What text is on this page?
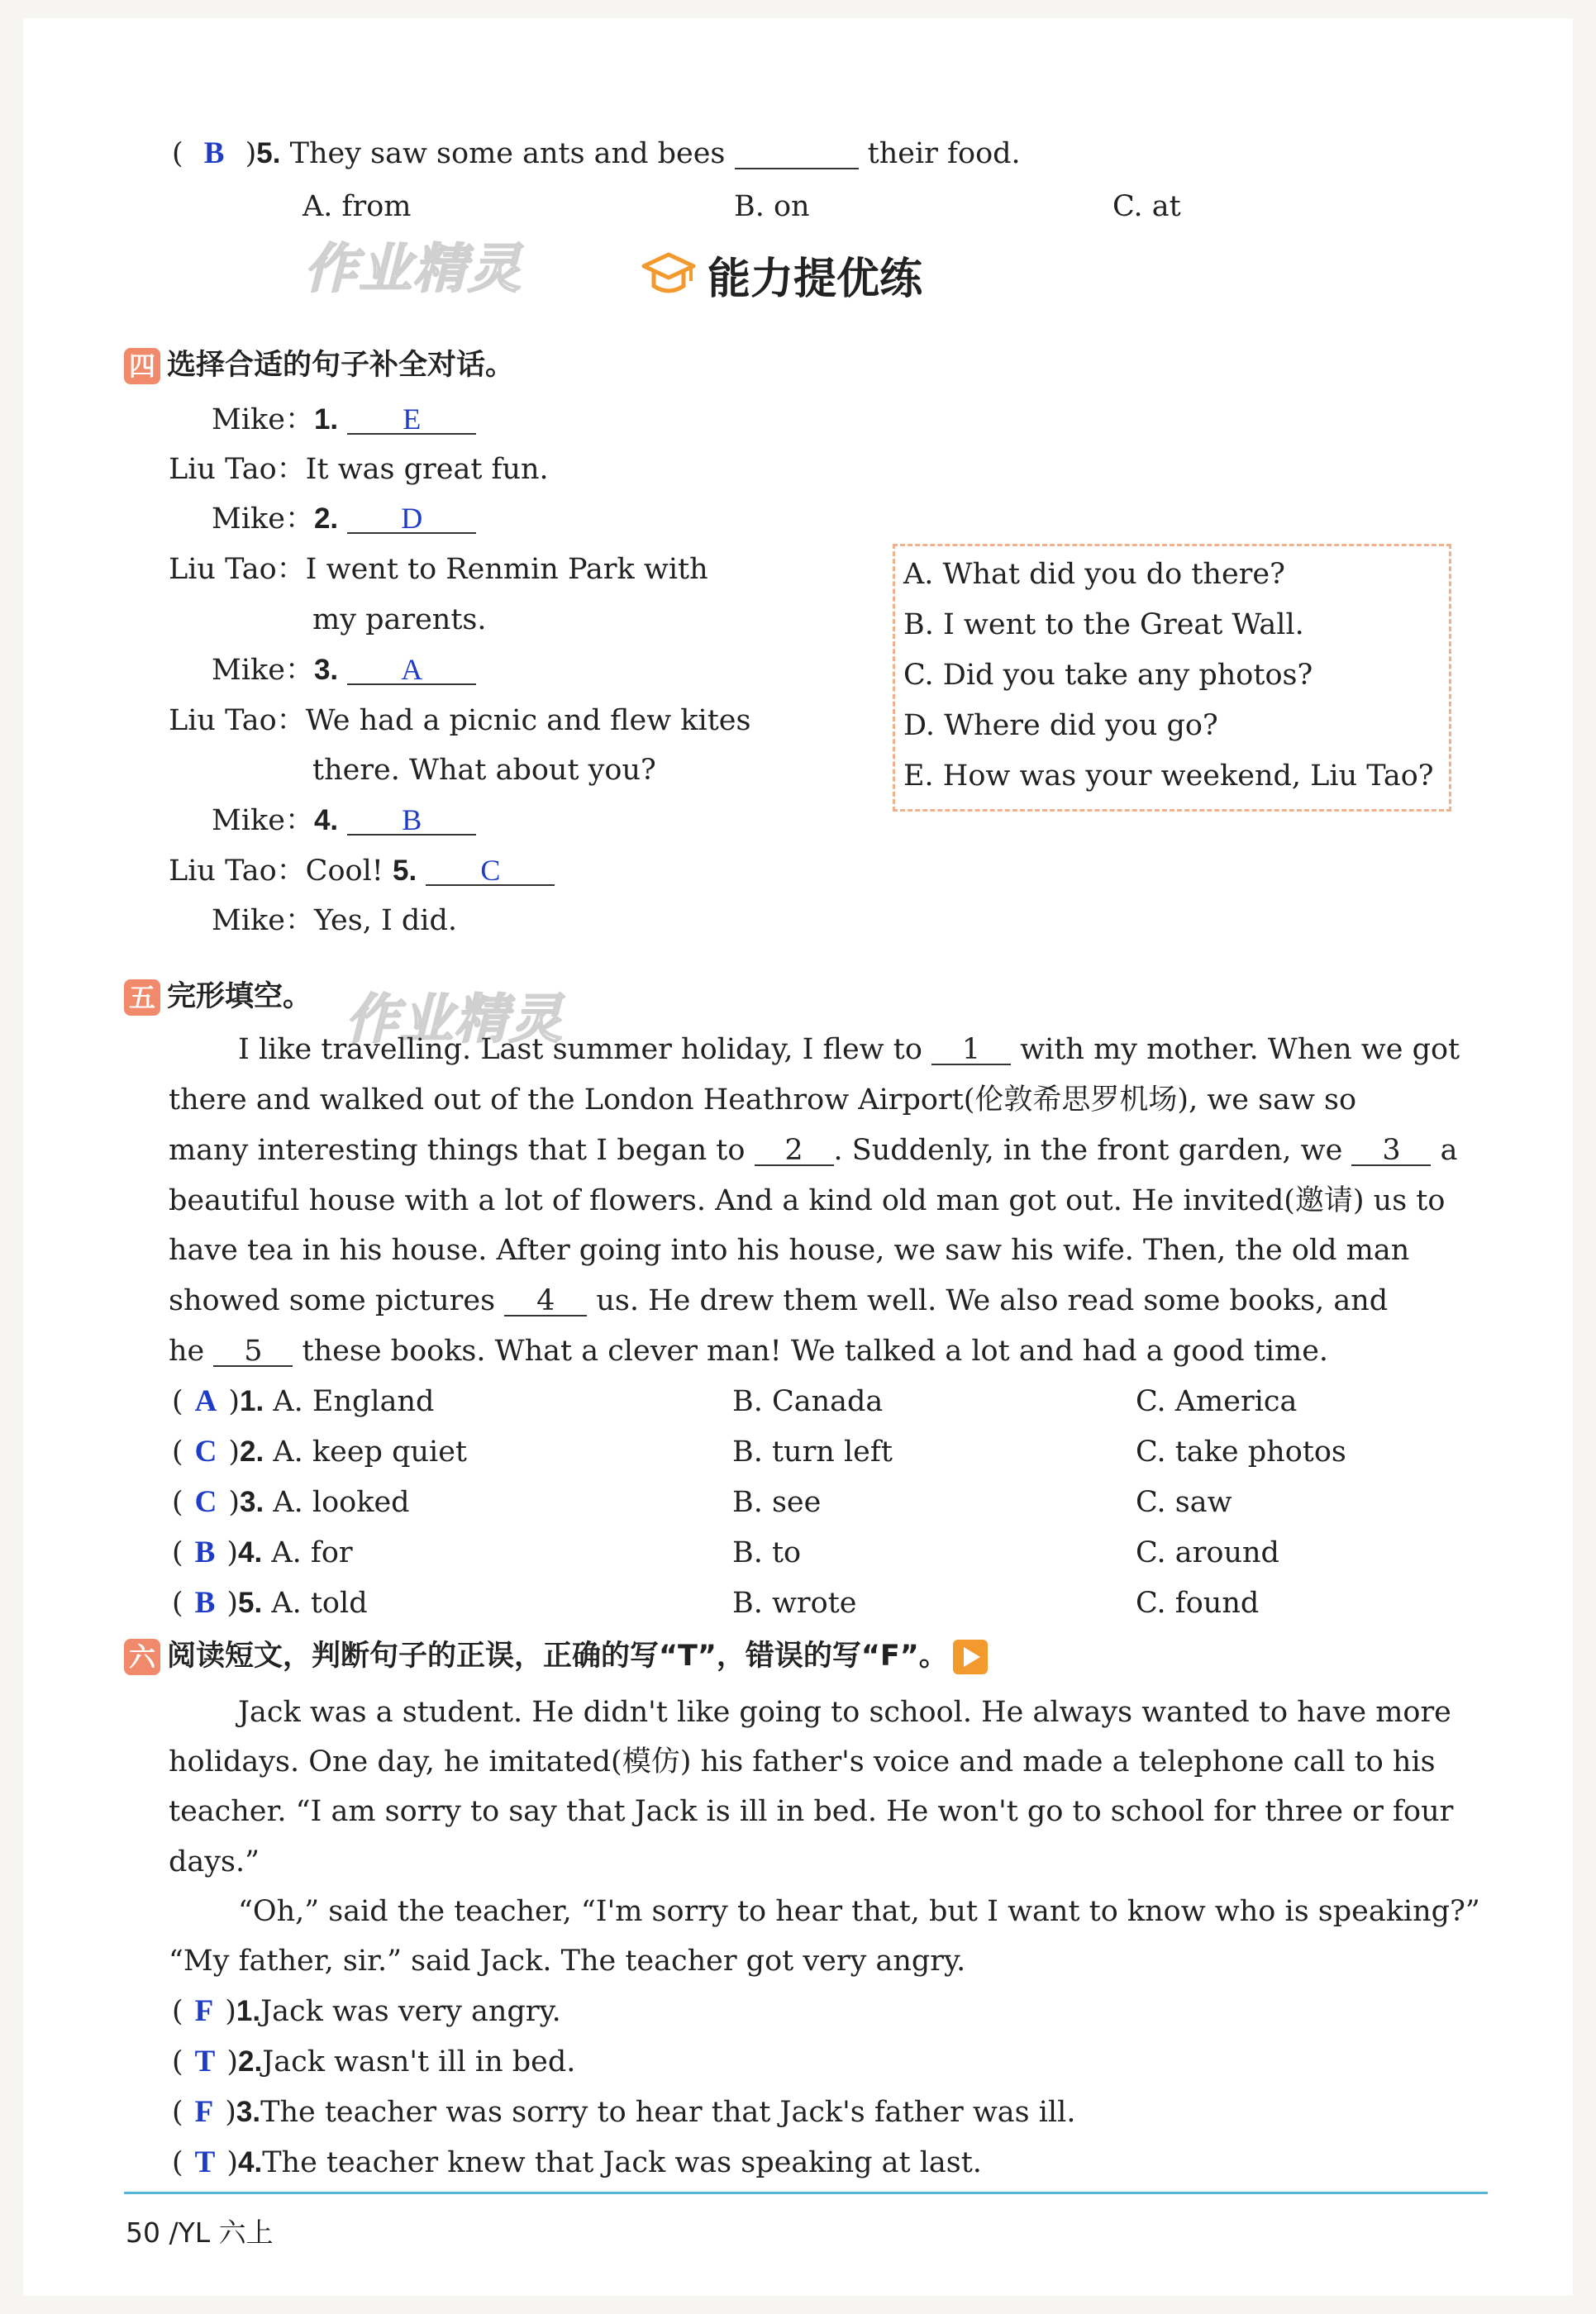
( B )5. They saw some ants and bees	their food.
A. from	B. on	C. at
作业精灵	能力提优练
四 选择合适的句子补全对话。
Mike：1. E
Liu Tao：It was great fun.
Mike：2. D
Liu Tao：I went to Renmin Park with
my parents.
Mike：3. A
Liu Tao：We had a picnic and flew kites
there. What about you?
Mike：4. B
Liu Tao：Cool! 5. C
Mike：Yes, I did.
A. What did you do there?
B. I went to the Great Wall.
C. Did you take any photos?
D. Where did you go?
E. How was your weekend, Liu Tao?
五 完形填空。 作业精灵
I like travelling. Last summer holiday, I flew to 1 with my mother. When we got
there and walked out of the London Heathrow Airport(伦敦希思罗机场), we saw so
many interesting things that I began to 2 . Suddenly, in the front garden, we 3 a
beautiful house with a lot of flowers. And a kind old man got out. He invited(邀请) us to
have tea in his house. After going into his house, we saw his wife. Then, the old man
showed some pictures 4 us. He drew them well. We also read some books, and
he 5 these books. What a clever man! We talked a lot and had a good time.
( A )1. A. England	B. Canada	C. America
( C )2. A. keep quiet	B. turn left	C. take photos
( C )3. A. looked	B. see	C. saw
( B )4. A. for	B. to	C. around
( B )5. A. told	B. wrote	C. found
六 阅读短文，判断句子的正误，正确的写“T”，错误的写“F”。
Jack was a student. He didn't like going to school. He always wanted to have more
holidays. One day, he imitated(模仿) his father's voice and made a telephone call to his
teacher. “I am sorry to say that Jack is ill in bed. He won't go to school for three or four
days.”
“Oh,” said the teacher, “I'm sorry to hear that, but I want to know who is speaking?”
“My father, sir.” said Jack. The teacher got very angry.
( F )1.Jack was very angry.
( T )2.Jack wasn't ill in bed.
( F )3.The teacher was sorry to hear that Jack's father was ill.
( T )4.The teacher knew that Jack was speaking at last.
50 /YL 六上
